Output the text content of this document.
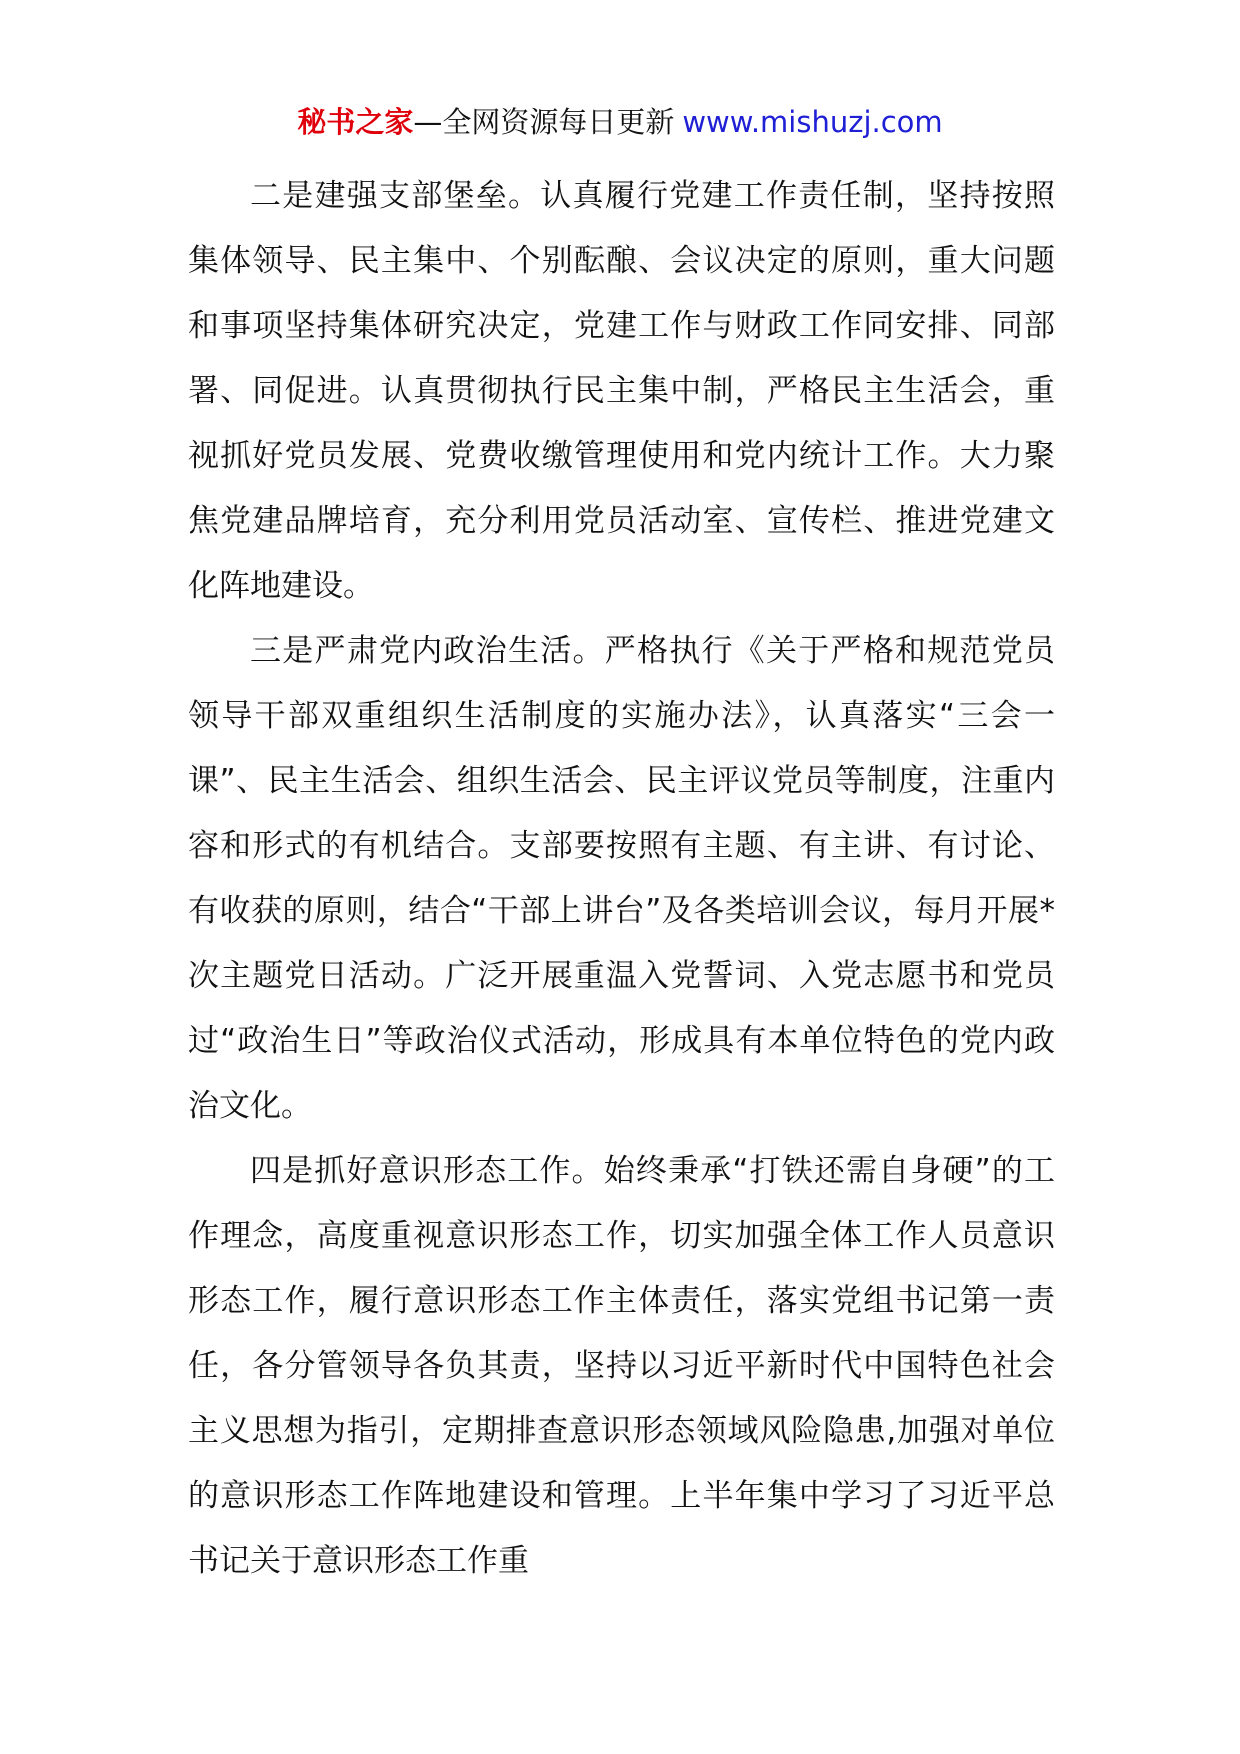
秘书之家—全网资源每日更新 www.mishuzj.com

二是建强支部堡垒。认真履行党建工作责任制，坚持按照集体领导、民主集中、个别酝酿、会议决定的原则，重大问题和事项坚持集体研究决定，党建工作与财政工作同安排、同部署、同促进。认真贯彻执行民主集中制，严格民主生活会，重视抓好党员发展、党费收缴管理使用和党内统计工作。大力聚焦党建品牌培育，充分利用党员活动室、宣传栏、推进党建文化阵地建设。

三是严肃党内政治生活。严格执行《关于严格和规范党员领导干部双重组织生活制度的实施办法》，认真落实“三会一课”、民主生活会、组织生活会、民主评议党员等制度，注重内容和形式的有机结合。支部要按照有主题、有主讲、有讨论、有收获的原则，结合“干部上讲台”及各类培训会议，每月开展*次主题党日活动。广泛开展重温入党誓词、入党志愿书和党员过“政治生日”等政治仪式活动，形成具有本单位特色的党内政治文化。

四是抓好意识形态工作。始终秉承“打铁还需自身硬”的工作理念，高度重视意识形态工作，切实加强全体工作人员意识形态工作，履行意识形态工作主体责任，落实党组书记第一责任，各分管领导各负其责，坚持以习近平新时代中国特色社会主义思想为指引，定期排查意识形态领域风险隐患,加强对单位的意识形态工作阵地建设和管理。上半年集中学习了习近平总书记关于意识形态工作重
